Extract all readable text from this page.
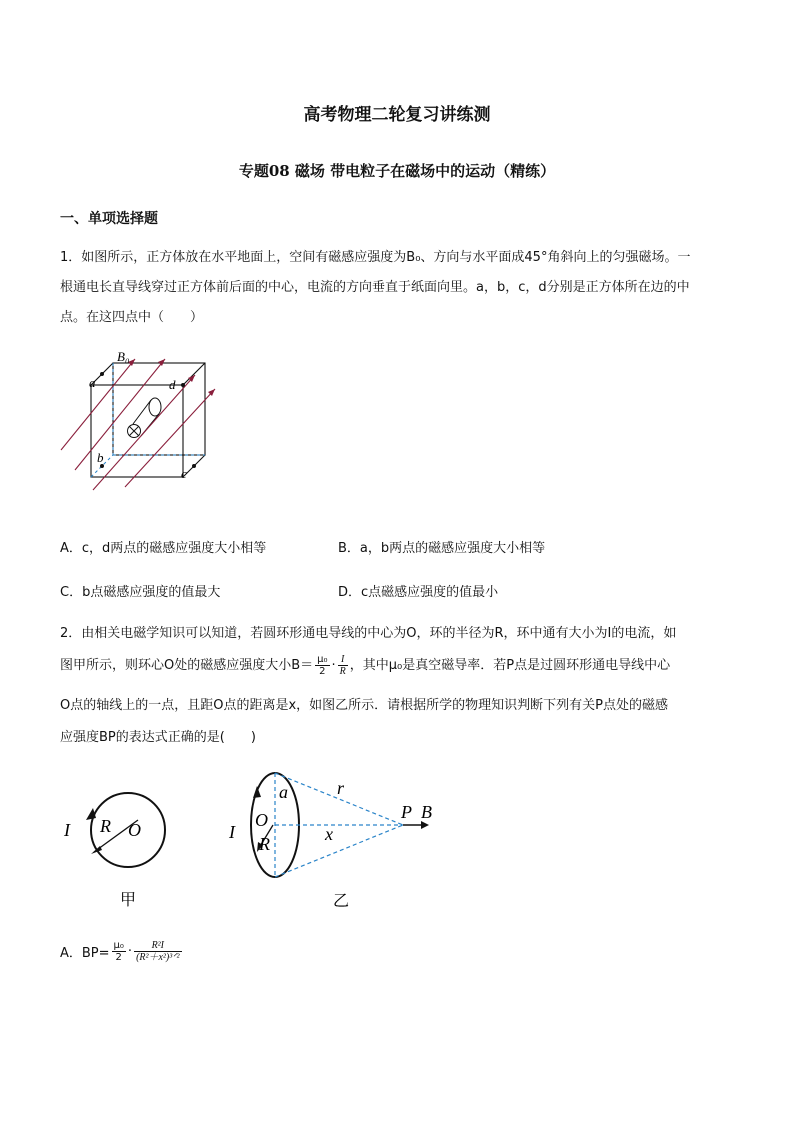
高考物理二轮复习讲练测
专题08 磁场 带电粒子在磁场中的运动（精练）
一、单项选择题
1．如图所示，正方体放在水平地面上，空间有磁感应强度为B₀、方向与水平面成45°角斜向上的匀强磁场。一
根通电长直导线穿过正方体前后面的中心，电流的方向垂直于纸面向里。a，b，c，d分别是正方体所在边的中
点。在这四点中（　　）
B₀
a	d
b
c
A．c，d两点的磁感应强度大小相等	B．a，b两点的磁感应强度大小相等
C．b点磁感应强度的值最大	D．c点磁感应强度的值最小
2．由相关电磁学知识可以知道，若圆环形通电导线的中心为O，环的半径为R，环中通有大小为I的电流，如
图甲所示，则环心O处的磁感应强度大小$B= \frac{\text{μ₀}}{2} \cdot \frac{I}{R}$ ，其中μ₀是真空磁导率．若P点是过圆环形通电导线中心
O点的轴线上的一点，且距O点的距离是x，如图乙所示．请根据所学的物理知识判断下列有关P点处的磁感
应强度BP的表达式正确的是(　　)
I R O
甲
a	r
O
I
R	x
P B
乙
A．$BP= \frac{\text{μ₀}}{2} \cdot \frac{\text{R²I}}{\text{(R²＋x²)³ᐟ²}}$
